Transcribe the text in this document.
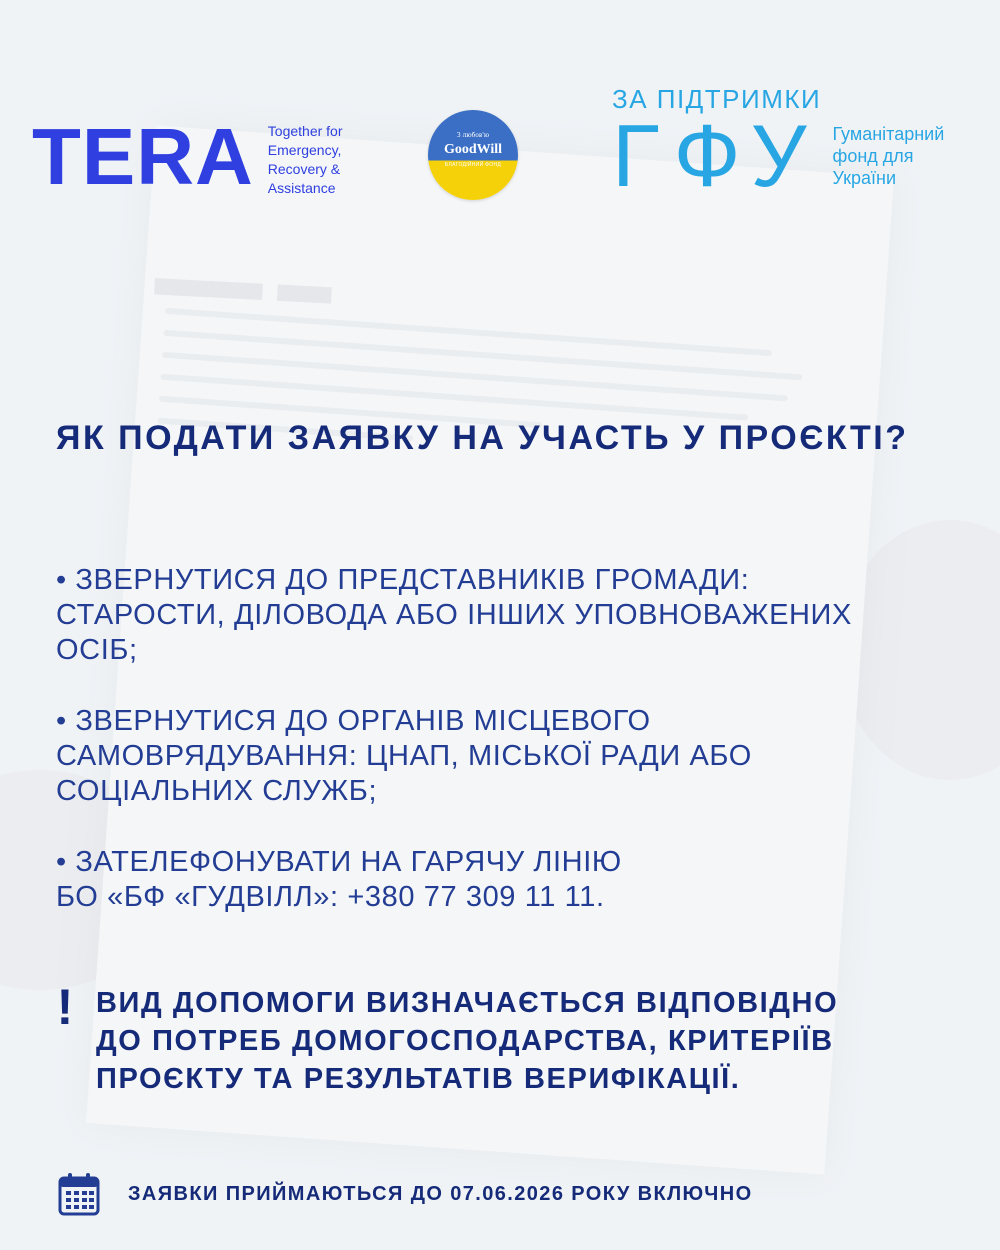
TERA Together for
Emergency,
Recovery &
Assistance
З любов'ю
GoodWill
БЛАГОДІЙНИЙ ФОНД
ЗА ПІДТРИМКИ
ГФУ Гуманітарний
фонд для
України
ЯК ПОДАТИ ЗАЯВКУ НА УЧАСТЬ У ПРОЄКТІ?
• ЗВЕРНУТИСЯ ДО ПРЕДСТАВНИКІВ ГРОМАДИ:
СТАРОСТИ, ДІЛОВОДА АБО ІНШИХ УПОВНОВАЖЕНИХ
ОСІБ;
• ЗВЕРНУТИСЯ ДО ОРГАНІВ МІСЦЕВОГО
САМОВРЯДУВАННЯ: ЦНАП, МІСЬКОЇ РАДИ АБО
СОЦІАЛЬНИХ СЛУЖБ;
• ЗАТЕЛЕФОНУВАТИ НА ГАРЯЧУ ЛІНІЮ
БО «БФ «ГУДВІЛЛ»: +380 77 309 11 11.
! ВИД ДОПОМОГИ ВИЗНАЧАЄТЬСЯ ВІДПОВІДНО
ДО ПОТРЕБ ДОМОГОСПОДАРСТВА, КРИТЕРІЇВ
ПРОЄКТУ ТА РЕЗУЛЬТАТІВ ВЕРИФІКАЦІЇ.
ЗАЯВКИ ПРИЙМАЮТЬСЯ ДО 07.06.2026 РОКУ ВКЛЮЧНО
